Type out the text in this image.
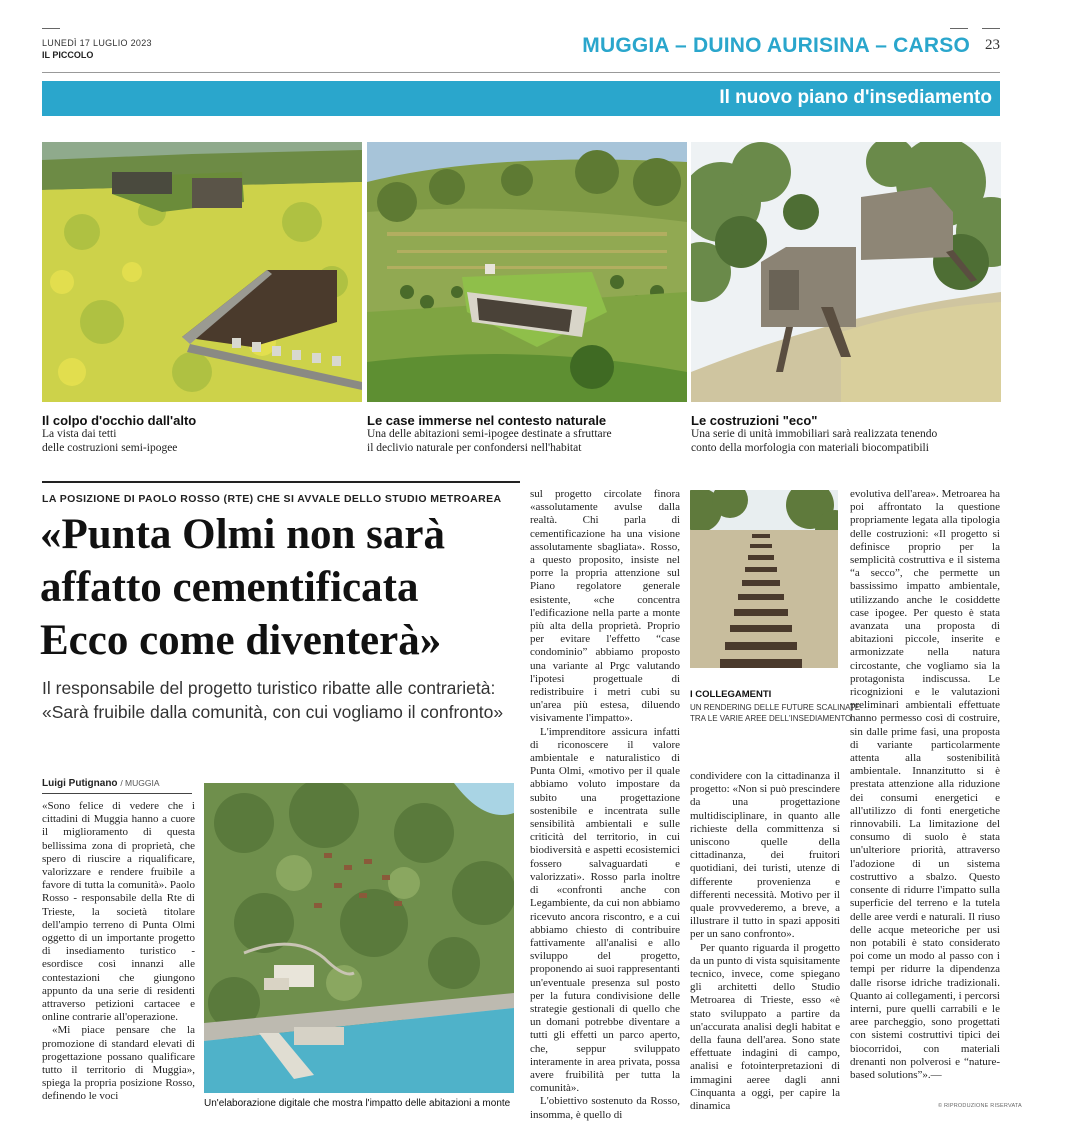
LUNEDÌ 17 LUGLIO 2023
IL PICCOLO	MUGGIA – DUINO AURISINA – CARSO 23
Il nuovo piano d'insediamento
Il colpo d'occhio dall'alto
La vista dai tetti
delle costruzioni semi-ipogee
Le case immerse nel contesto naturale
Una delle abitazioni semi-ipogee destinate a sfruttare
il declivio naturale per confondersi nell'habitat
Le costruzioni "eco"
Una serie di unità immobiliari sarà realizzata tenendo
conto della morfologia con materiali biocompatibili
LA POSIZIONE DI PAOLO ROSSO (RTE) CHE SI AVVALE DELLO STUDIO METROAREA
«Punta Olmi non sarà
affatto cementificata
Ecco come diventerà»
Il responsabile del progetto turistico ribatte alle contrarietà:
«Sarà fruibile dalla comunità, con cui vogliamo il confronto»
Luigi Putignano / MUGGIA

«Sono felice di vedere che i cittadini di Muggia hanno a cuore il miglioramento di questa bellissima zona di proprietà, che spero di riuscire a riqualificare, valorizzare e rendere fruibile a favore di tutta la comunità». Paolo Rosso - responsabile della Rte di Trieste, la società titolare dell'ampio terreno di Punta Olmi oggetto di un importante progetto di insediamento turistico - esordisce così innanzi alle contestazioni che giungono appunto da una serie di residenti attraverso petizioni cartacee e online contrarie all'operazione.

«Mi piace pensare che la promozione di standard elevati di progettazione possano qualificare tutto il territorio di Muggia», spiega la propria posizione Rosso, definendo le voci

Un'elaborazione digitale che mostra l'impatto delle abitazioni a monte

sul progetto circolate finora «assolutamente avulse dalla realtà. Chi parla di cementificazione ha una visione assolutamente sbagliata». Rosso, a questo proposito, insiste nel porre la propria attenzione sul Piano regolatore generale esistente, «che concentra l'edificazione nella parte a monte più alta della proprietà. Proprio per evitare l'effetto “case condominio” abbiamo proposto una variante al Prgc valutando l'ipotesi progettuale di redistribuire i metri cubi su un'area più estesa, diluendo visivamente l'impatto».

L'imprenditore assicura infatti di riconoscere il valore ambientale e naturalistico di Punta Olmi, «motivo per il quale abbiamo voluto impostare da subito una progettazione sostenibile e incentrata sulle sensibilità ambientali e sulle criticità del territorio, in cui biodiversità e aspetti ecosistemici fossero salvaguardati e valorizzati». Rosso parla inoltre di «confronti anche con Legambiente, da cui non abbiamo ricevuto ancora riscontro, e a cui abbiamo chiesto di contribuire fattivamente all'analisi e allo sviluppo del progetto, proponendo ai suoi rappresentanti un'eventuale presenza sul posto per la futura condivisione delle strategie gestionali di quello che un domani potrebbe diventare a tutti gli effetti un parco aperto, che, seppur sviluppato interamente in area privata, possa avere fruibilità per tutta la comunità».

L'obiettivo sostenuto da Rosso, insomma, è quello di

I COLLEGAMENTI
UN RENDERING DELLE FUTURE SCALINATE
TRA LE VARIE AREE DELL'INSEDIAMENTO

condividere con la cittadinanza il progetto: «Non si può prescindere da una progettazione multidisciplinare, in quanto alle richieste della committenza si uniscono quelle della cittadinanza, dei fruitori quotidiani, dei turisti, utenze di differente provenienza e differenti necessità. Motivo per il quale provvederemo, a breve, a illustrare il tutto in spazi appositi per un sano confronto».

Per quanto riguarda il progetto da un punto di vista squisitamente tecnico, invece, come spiegano gli architetti dello Studio Metroarea di Trieste, esso «è stato sviluppato a partire da un'accurata analisi degli habitat e della fauna dell'area. Sono state effettuate indagini di campo, analisi e fotointerpretazioni di immagini aeree dagli anni Cinquanta a oggi, per capire la dinamica

evolutiva dell'area». Metroarea ha poi affrontato la questione propriamente legata alla tipologia delle costruzioni: «Il progetto si definisce proprio per la semplicità costruttiva e il sistema “a secco”, che permette un bassissimo impatto ambientale, utilizzando anche le cosiddette case ipogee. Per questo è stata avanzata una proposta di abitazioni piccole, inserite e armonizzate nella natura circostante, che vogliamo sia la protagonista indiscussa. Le ricognizioni e le valutazioni preliminari ambientali effettuate hanno permesso così di costruire, sin dalle prime fasi, una proposta di variante particolarmente attenta alla sostenibilità ambientale. Innanzitutto si è prestata attenzione alla riduzione dei consumi energetici e all'utilizzo di fonti energetiche rinnovabili. La limitazione del consumo di suolo è stata un'ulteriore priorità, attraverso l'adozione di un sistema costruttivo a sbalzo. Questo consente di ridurre l'impatto sulla superficie del terreno e la tutela delle aree verdi e naturali. Il riuso delle acque meteoriche per usi non potabili è stato considerato poi come un modo al passo con i tempi per ridurre la dipendenza dalle risorse idriche tradizionali. Quanto ai collegamenti, i percorsi interni, pure quelli carrabili e le aree parcheggio, sono progettati con sistemi costruttivi tipici dei biocorridoi, con materiali drenanti non polverosi e “nature-based solutions”».—

© RIPRODUZIONE RISERVATA
